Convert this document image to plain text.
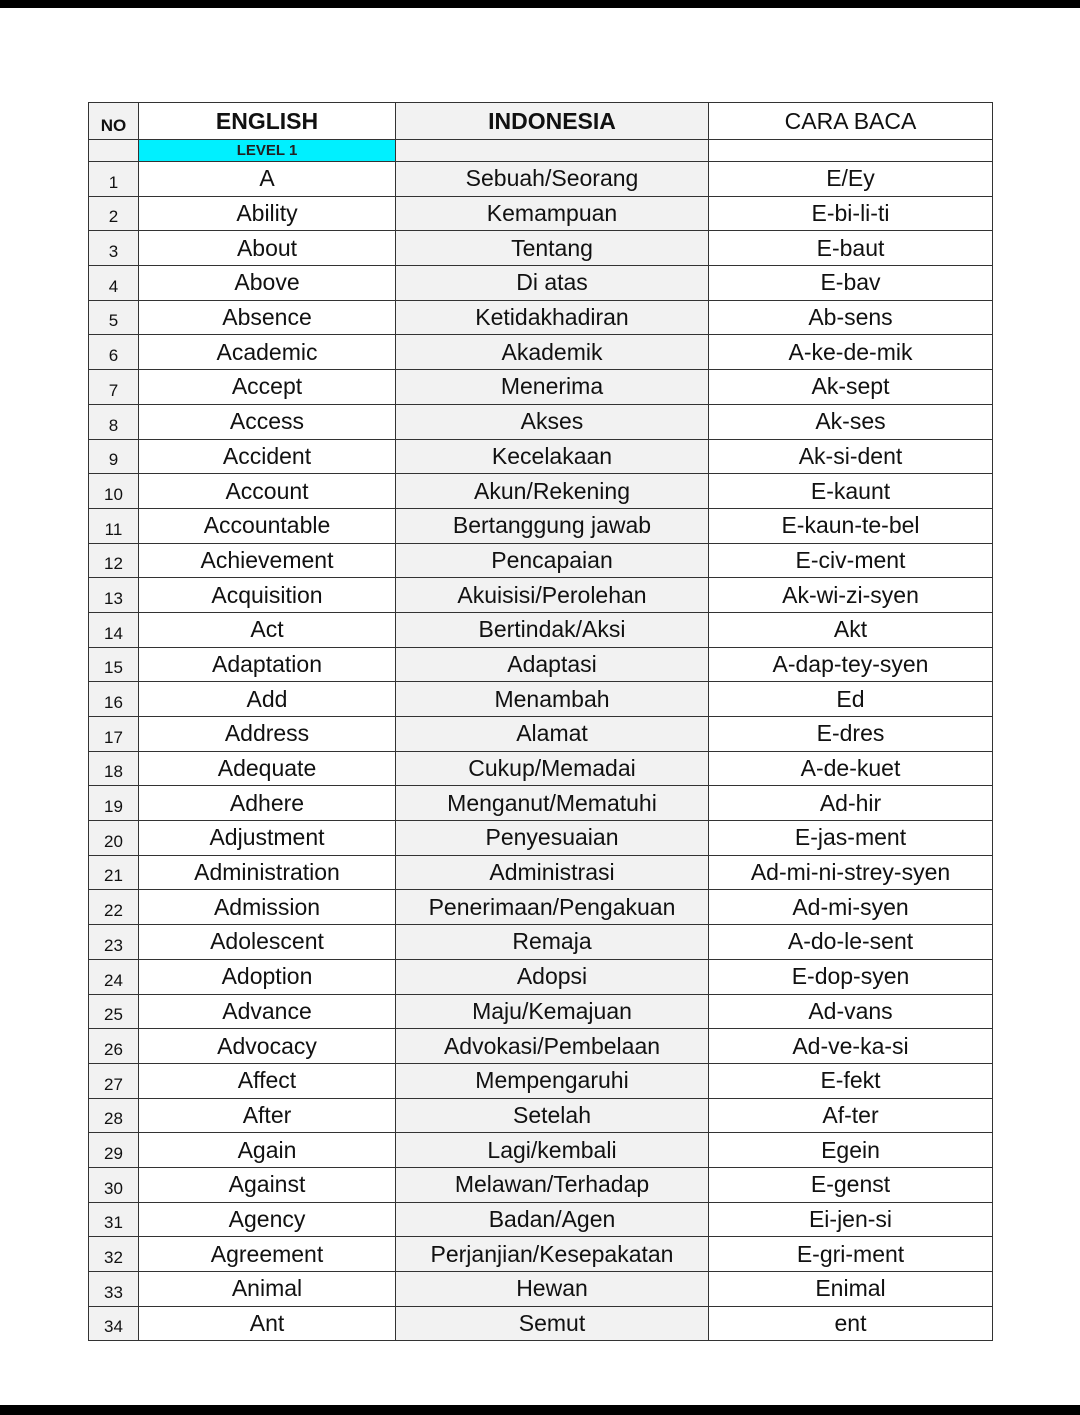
NO	ENGLISH	INDONESIA	CARA BACA
	LEVEL 1		
1	A	Sebuah/Seorang	E/Ey
2	Ability	Kemampuan	E-bi-li-ti
3	About	Tentang	E-baut
4	Above	Di atas	E-bav
5	Absence	Ketidakhadiran	Ab-sens
6	Academic	Akademik	A-ke-de-mik
7	Accept	Menerima	Ak-sept
8	Access	Akses	Ak-ses
9	Accident	Kecelakaan	Ak-si-dent
10	Account	Akun/Rekening	E-kaunt
11	Accountable	Bertanggung jawab	E-kaun-te-bel
12	Achievement	Pencapaian	E-civ-ment
13	Acquisition	Akuisisi/Perolehan	Ak-wi-zi-syen
14	Act	Bertindak/Aksi	Akt
15	Adaptation	Adaptasi	A-dap-tey-syen
16	Add	Menambah	Ed
17	Address	Alamat	E-dres
18	Adequate	Cukup/Memadai	A-de-kuet
19	Adhere	Menganut/Mematuhi	Ad-hir
20	Adjustment	Penyesuaian	E-jas-ment
21	Administration	Administrasi	Ad-mi-ni-strey-syen
22	Admission	Penerimaan/Pengakuan	Ad-mi-syen
23	Adolescent	Remaja	A-do-le-sent
24	Adoption	Adopsi	E-dop-syen
25	Advance	Maju/Kemajuan	Ad-vans
26	Advocacy	Advokasi/Pembelaan	Ad-ve-ka-si
27	Affect	Mempengaruhi	E-fekt
28	After	Setelah	Af-ter
29	Again	Lagi/kembali	Egein
30	Against	Melawan/Terhadap	E-genst
31	Agency	Badan/Agen	Ei-jen-si
32	Agreement	Perjanjian/Kesepakatan	E-gri-ment
33	Animal	Hewan	Enimal
34	Ant	Semut	ent
